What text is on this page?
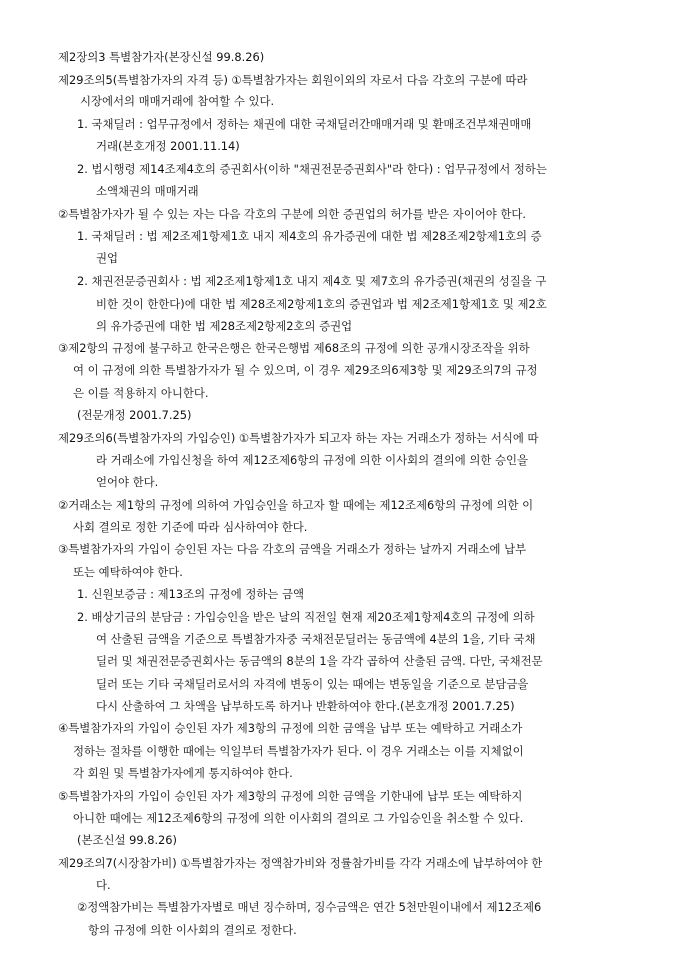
제2장의3 특별참가자(본장신설 99.8.26)
제29조의5(특별참가자의 자격 등) ①특별참가자는 회원이외의 자로서 다음 각호의 구분에 따라
시장에서의 매매거래에 참여할 수 있다.
1. 국채딜러 : 업무규정에서 정하는 채권에 대한 국채딜러간매매거래 및 환매조건부채권매매
거래(본호개정 2001.11.14)
2. 법시행령 제14조제4호의 증권회사(이하 "채권전문증권회사"라 한다) : 업무규정에서 정하는
소액채권의 매매거래
②특별참가자가 될 수 있는 자는 다음 각호의 구분에 의한 증권업의 허가를 받은 자이어야 한다.
1. 국채딜러 : 법 제2조제1항제1호 내지 제4호의 유가증권에 대한 법 제28조제2항제1호의 증
권업
2. 채권전문증권회사 : 법 제2조제1항제1호 내지 제4호 및 제7호의 유가증권(채권의 성질을 구
비한 것이 한한다)에 대한 법 제28조제2항제1호의 증권업과 법 제2조제1항제1호 및 제2호
의 유가증권에 대한 법 제28조제2항제2호의 증권업
③제2항의 규정에 불구하고 한국은행은 한국은행법 제68조의 규정에 의한 공개시장조작을 위하
여 이 규정에 의한 특별참가자가 될 수 있으며, 이 경우 제29조의6제3항 및 제29조의7의 규정
은 이를 적용하지 아니한다.
(전문개정 2001.7.25)
제29조의6(특별참가자의 가입승인) ①특별참가자가 되고자 하는 자는 거래소가 정하는 서식에 따
라 거래소에 가입신청을 하여 제12조제6항의 규정에 의한 이사회의 결의에 의한 승인을
얻어야 한다.
②거래소는 제1항의 규정에 의하여 가입승인을 하고자 할 때에는 제12조제6항의 규정에 의한 이
사회 결의로 정한 기준에 따라 심사하여야 한다.
③특별참가자의 가입이 승인된 자는 다음 각호의 금액을 거래소가 정하는 날까지 거래소에 납부
또는 예탁하여야 한다.
1. 신원보증금 : 제13조의 규정에 정하는 금액
2. 배상기금의 분담금 : 가입승인을 받은 날의 직전일 현재 제20조제1항제4호의 규정에 의하
여 산출된 금액을 기준으로 특별참가자중 국채전문딜러는 동금액에 4분의 1을, 기타 국채
딜러 및 채권전문증권회사는 동금액의 8분의 1을 각각 곱하여 산출된 금액. 다만, 국채전문
딜러 또는 기타 국채딜러로서의 자격에 변동이 있는 때에는 변동일을 기준으로 분담금을
다시 산출하여 그 차액을 납부하도록 하거나 반환하여야 한다.(본호개정 2001.7.25)
④특별참가자의 가입이 승인된 자가 제3항의 규정에 의한 금액을 납부 또는 예탁하고 거래소가
정하는 절차를 이행한 때에는 익일부터 특별참가자가 된다. 이 경우 거래소는 이를 지체없이
각 회원 및 특별참가자에게 통지하여야 한다.
⑤특별참가자의 가입이 승인된 자가 제3항의 규정에 의한 금액을 기한내에 납부 또는 예탁하지
아니한 때에는 제12조제6항의 규정에 의한 이사회의 결의로 그 가입승인을 취소할 수 있다.
(본조신설 99.8.26)
제29조의7(시장참가비) ①특별참가자는 정액참가비와 정률참가비를 각각 거래소에 납부하여야 한
다.
②정액참가비는 특별참가자별로 매년 징수하며, 징수금액은 연간 5천만원이내에서 제12조제6
항의 규정에 의한 이사회의 결의로 정한다.
